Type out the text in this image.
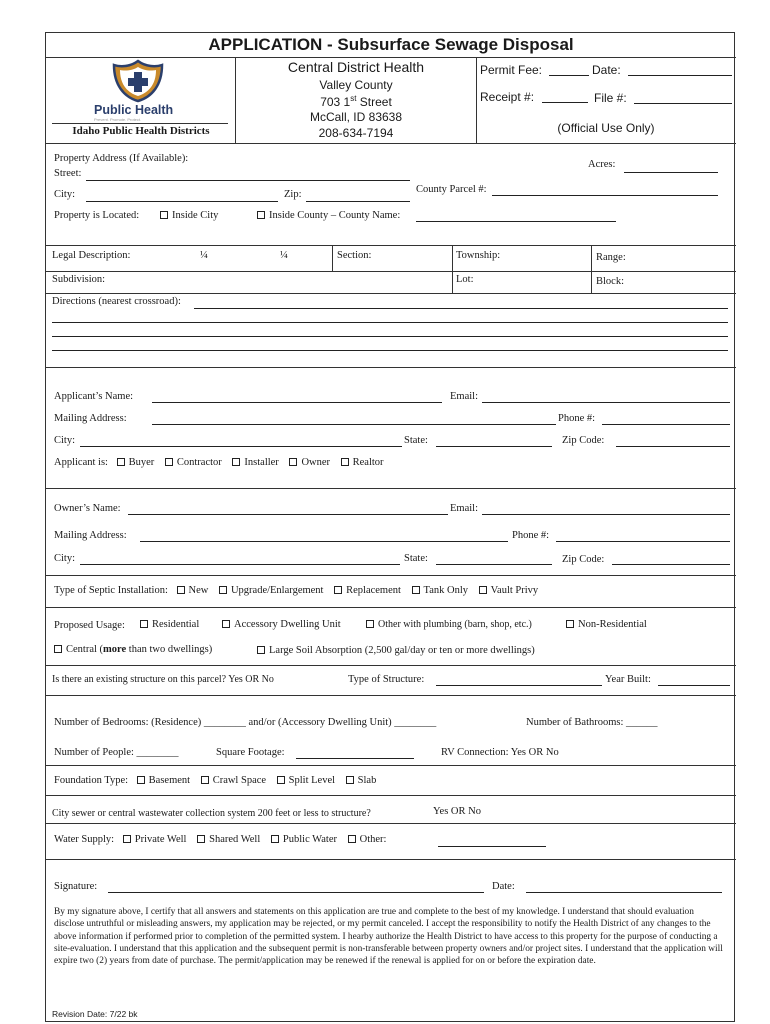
APPLICATION - Subsurface Sewage Disposal
Public Health
Prevent. Promote. Protect.
Idaho Public Health Districts
Central District Health
Valley County
703 1st Street
McCall, ID 83638
208-634-7194
Permit Fee:	Date:
Receipt #:	File #:
(Official Use Only)
Property Address (If Available):
Acres:
Street:
City:	Zip:	County Parcel #:
Property is Located:	Inside City	Inside County – County Name:
Legal Description:	¼	¼	Section:	Township:	Range:
Subdivision:	Lot:	Block:
Directions (nearest crossroad):
Applicant’s Name:	Email:
Mailing Address:	Phone #:
City:	State:	Zip Code:
Applicant is: Buyer Contractor Installer Owner Realtor
Owner’s Name:	Email:
Mailing Address:	Phone #:
City:	State:	Zip Code:
Type of Septic Installation: New Upgrade/Enlargement Replacement Tank Only Vault Privy
Proposed Usage:	Residential	Accessory Dwelling Unit	Other with plumbing (barn, shop, etc.)	Non-Residential
Central (more than two dwellings)	Large Soil Absorption (2,500 gal/day or ten or more dwellings)
Is there an existing structure on this parcel? Yes OR No	Type of Structure:	Year Built:
Number of Bedrooms: (Residence) ________ and/or (Accessory Dwelling Unit) ________	Number of Bathrooms: ______
Number of People: ________	Square Footage:	RV Connection: Yes OR No
Foundation Type: Basement Crawl Space Split Level Slab
City sewer or central wastewater collection system 200 feet or less to structure?	Yes OR No
Water Supply: Private Well Shared Well Public Water Other:
Signature:	Date:
By my signature above, I certify that all answers and statements on this application are true and complete to the best of my knowledge. I understand that should evaluation disclose untruthful or misleading answers, my application may be rejected, or my permit canceled. I accept the responsibility to notify the Health District of any changes to the above information if performed prior to completion of the permitted system. I hearby authorize the Health District to have access to this property for the purpose of conducting a site-evaluation. I understand that this application and the subsequent permit is non-transferable between property owners and/or project sites. I understand that the application will expire two (2) years from date of purchase. The permit/application may be renewed if the renewal is applied for on or before the expiration date.
Revision Date: 7/22 bk
